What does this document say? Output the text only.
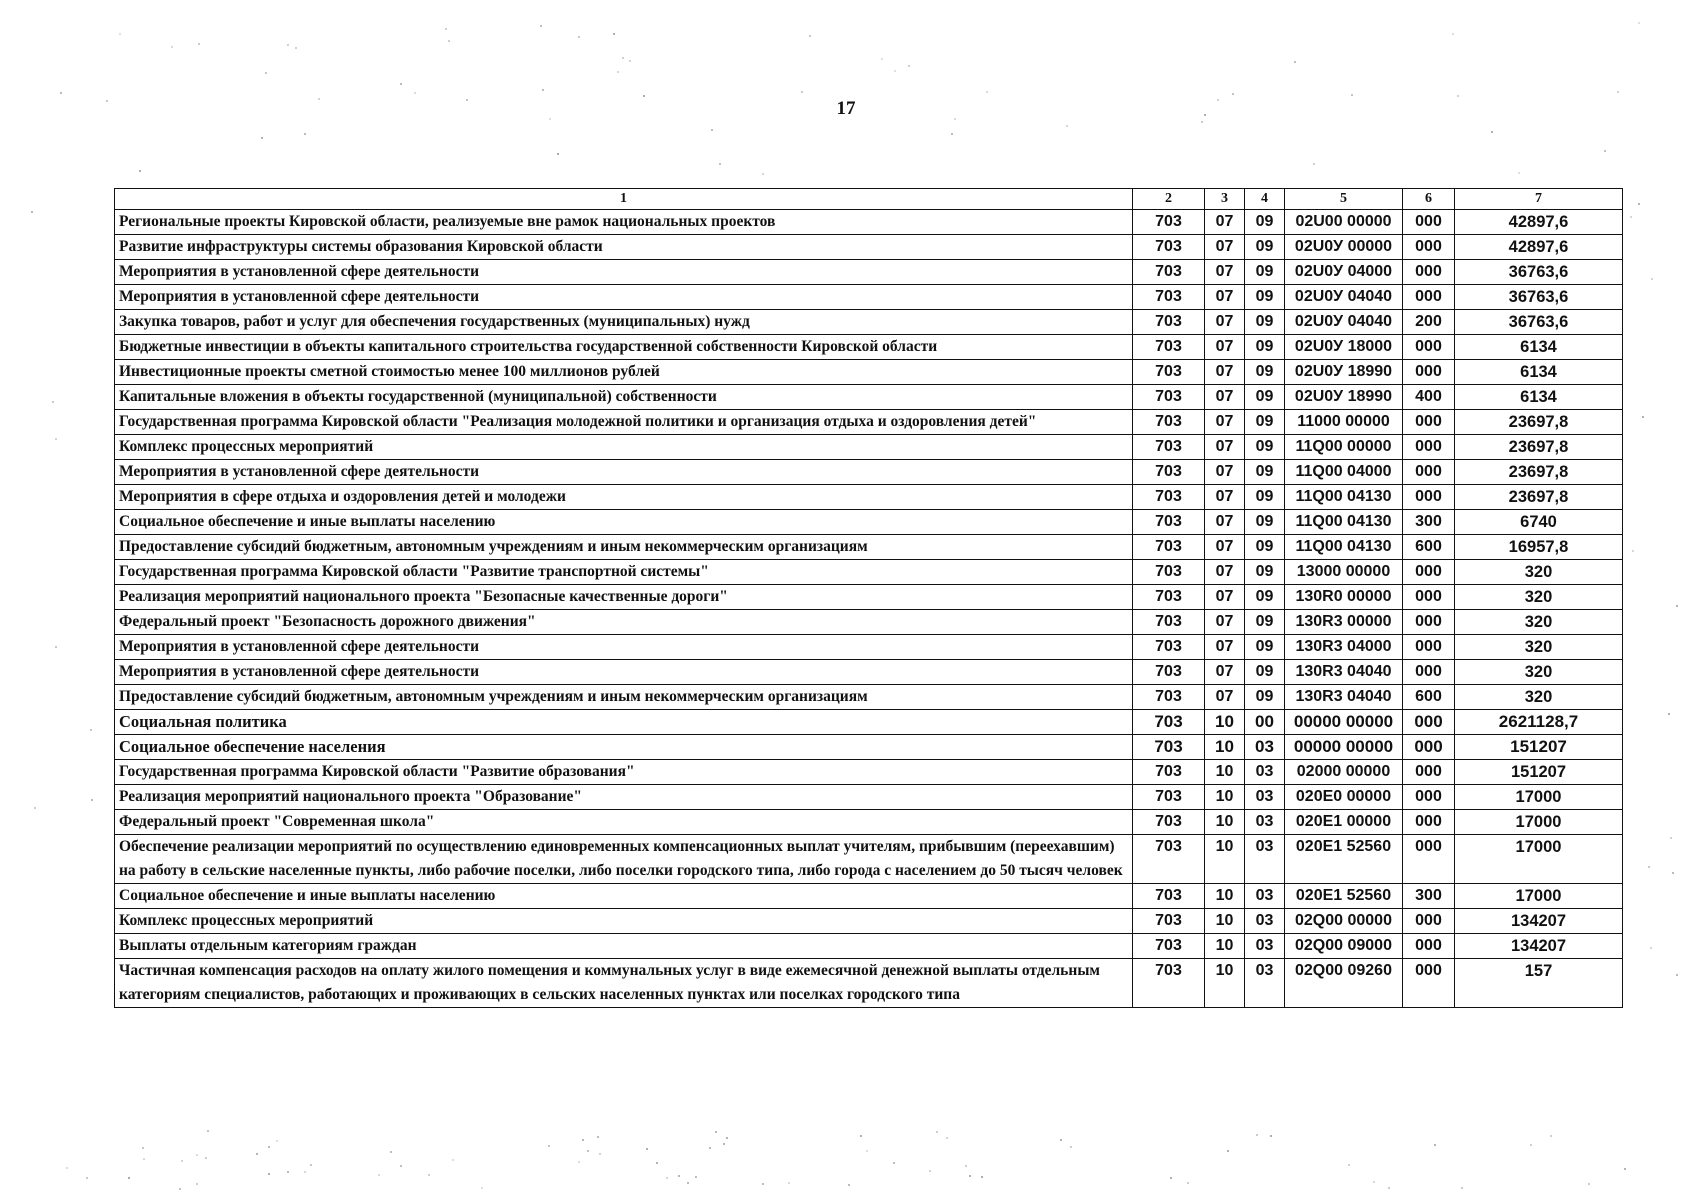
17
1	2	3	4	5	6	7
Региональные проекты Кировской области, реализуемые вне рамок национальных проектов	703	07	09	02U00 00000	000	42897,6
Развитие инфраструктуры системы образования Кировской области	703	07	09	02U0У 00000	000	42897,6
Мероприятия в установленной сфере деятельности	703	07	09	02U0У 04000	000	36763,6
Мероприятия в установленной сфере деятельности	703	07	09	02U0У 04040	000	36763,6
Закупка товаров, работ и услуг для обеспечения государственных (муниципальных) нужд	703	07	09	02U0У 04040	200	36763,6
Бюджетные инвестиции в объекты капитального строительства государственной собственности Кировской области	703	07	09	02U0У 18000	000	6134
Инвестиционные проекты сметной стоимостью менее 100 миллионов рублей	703	07	09	02U0У 18990	000	6134
Капитальные вложения в объекты государственной (муниципальной) собственности	703	07	09	02U0У 18990	400	6134
Государственная программа Кировской области "Реализация молодежной политики и организация отдыха и оздоровления детей"	703	07	09	11000 00000	000	23697,8
Комплекс процессных мероприятий	703	07	09	11Q00 00000	000	23697,8
Мероприятия в установленной сфере деятельности	703	07	09	11Q00 04000	000	23697,8
Мероприятия в сфере отдыха и оздоровления детей и молодежи	703	07	09	11Q00 04130	000	23697,8
Социальное обеспечение и иные выплаты населению	703	07	09	11Q00 04130	300	6740
Предоставление субсидий бюджетным, автономным учреждениям и иным некоммерческим организациям	703	07	09	11Q00 04130	600	16957,8
Государственная программа Кировской области "Развитие транспортной системы"	703	07	09	13000 00000	000	320
Реализация мероприятий национального проекта "Безопасные качественные дороги"	703	07	09	130R0 00000	000	320
Федеральный проект "Безопасность дорожного движения"	703	07	09	130R3 00000	000	320
Мероприятия в установленной сфере деятельности	703	07	09	130R3 04000	000	320
Мероприятия в установленной сфере деятельности	703	07	09	130R3 04040	000	320
Предоставление субсидий бюджетным, автономным учреждениям и иным некоммерческим организациям	703	07	09	130R3 04040	600	320
Социальная политика	703	10	00	00000 00000	000	2621128,7
Социальное обеспечение населения	703	10	03	00000 00000	000	151207
Государственная программа Кировской области "Развитие образования"	703	10	03	02000 00000	000	151207
Реализация мероприятий национального проекта "Образование"	703	10	03	020E0 00000	000	17000
Федеральный проект "Современная школа"	703	10	03	020E1 00000	000	17000
Обеспечение реализации мероприятий по осуществлению единовременных компенсационных выплат учителям, прибывшим (переехавшим) на работу в сельские населенные пункты, либо рабочие поселки, либо поселки городского типа, либо города с населением до 50 тысяч человек	703	10	03	020E1 52560	000	17000
Социальное обеспечение и иные выплаты населению	703	10	03	020E1 52560	300	17000
Комплекс процессных мероприятий	703	10	03	02Q00 00000	000	134207
Выплаты отдельным категориям граждан	703	10	03	02Q00 09000	000	134207
Частичная компенсация расходов на оплату жилого помещения и коммунальных услуг в виде ежемесячной денежной выплаты отдельным категориям специалистов, работающих и проживающих в сельских населенных пунктах или поселках городского типа	703	10	03	02Q00 09260	000	157
